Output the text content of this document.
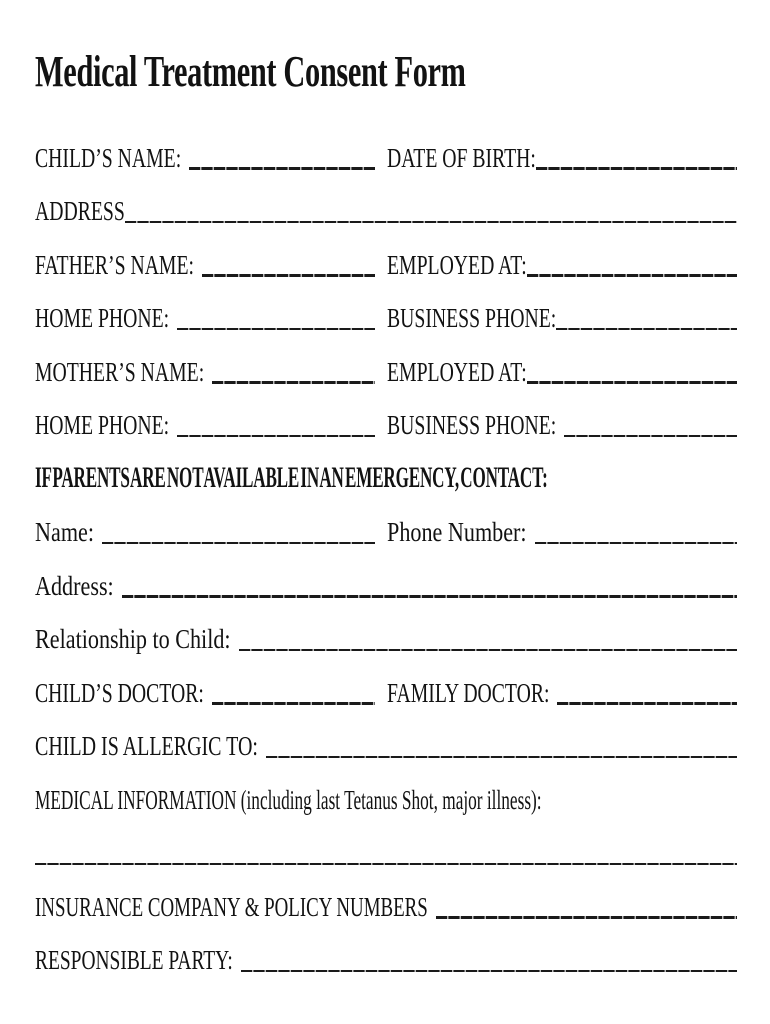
Medical Treatment Consent Form
CHILD’S NAME:	DATE OF BIRTH:
ADDRESS
FATHER’S NAME:	EMPLOYED AT:
HOME PHONE:	BUSINESS PHONE:
MOTHER’S NAME:	EMPLOYED AT:
HOME PHONE:	BUSINESS PHONE:
IF PARENTS ARE NOT AVAILABLE IN AN EMERGENCY, CONTACT:
Name:	Phone Number:
Address:
Relationship to Child:
CHILD’S DOCTOR:	FAMILY DOCTOR:
CHILD IS ALLERGIC TO:
MEDICAL INFORMATION (including last Tetanus Shot, major illness):
INSURANCE COMPANY & POLICY NUMBERS
RESPONSIBLE PARTY:
